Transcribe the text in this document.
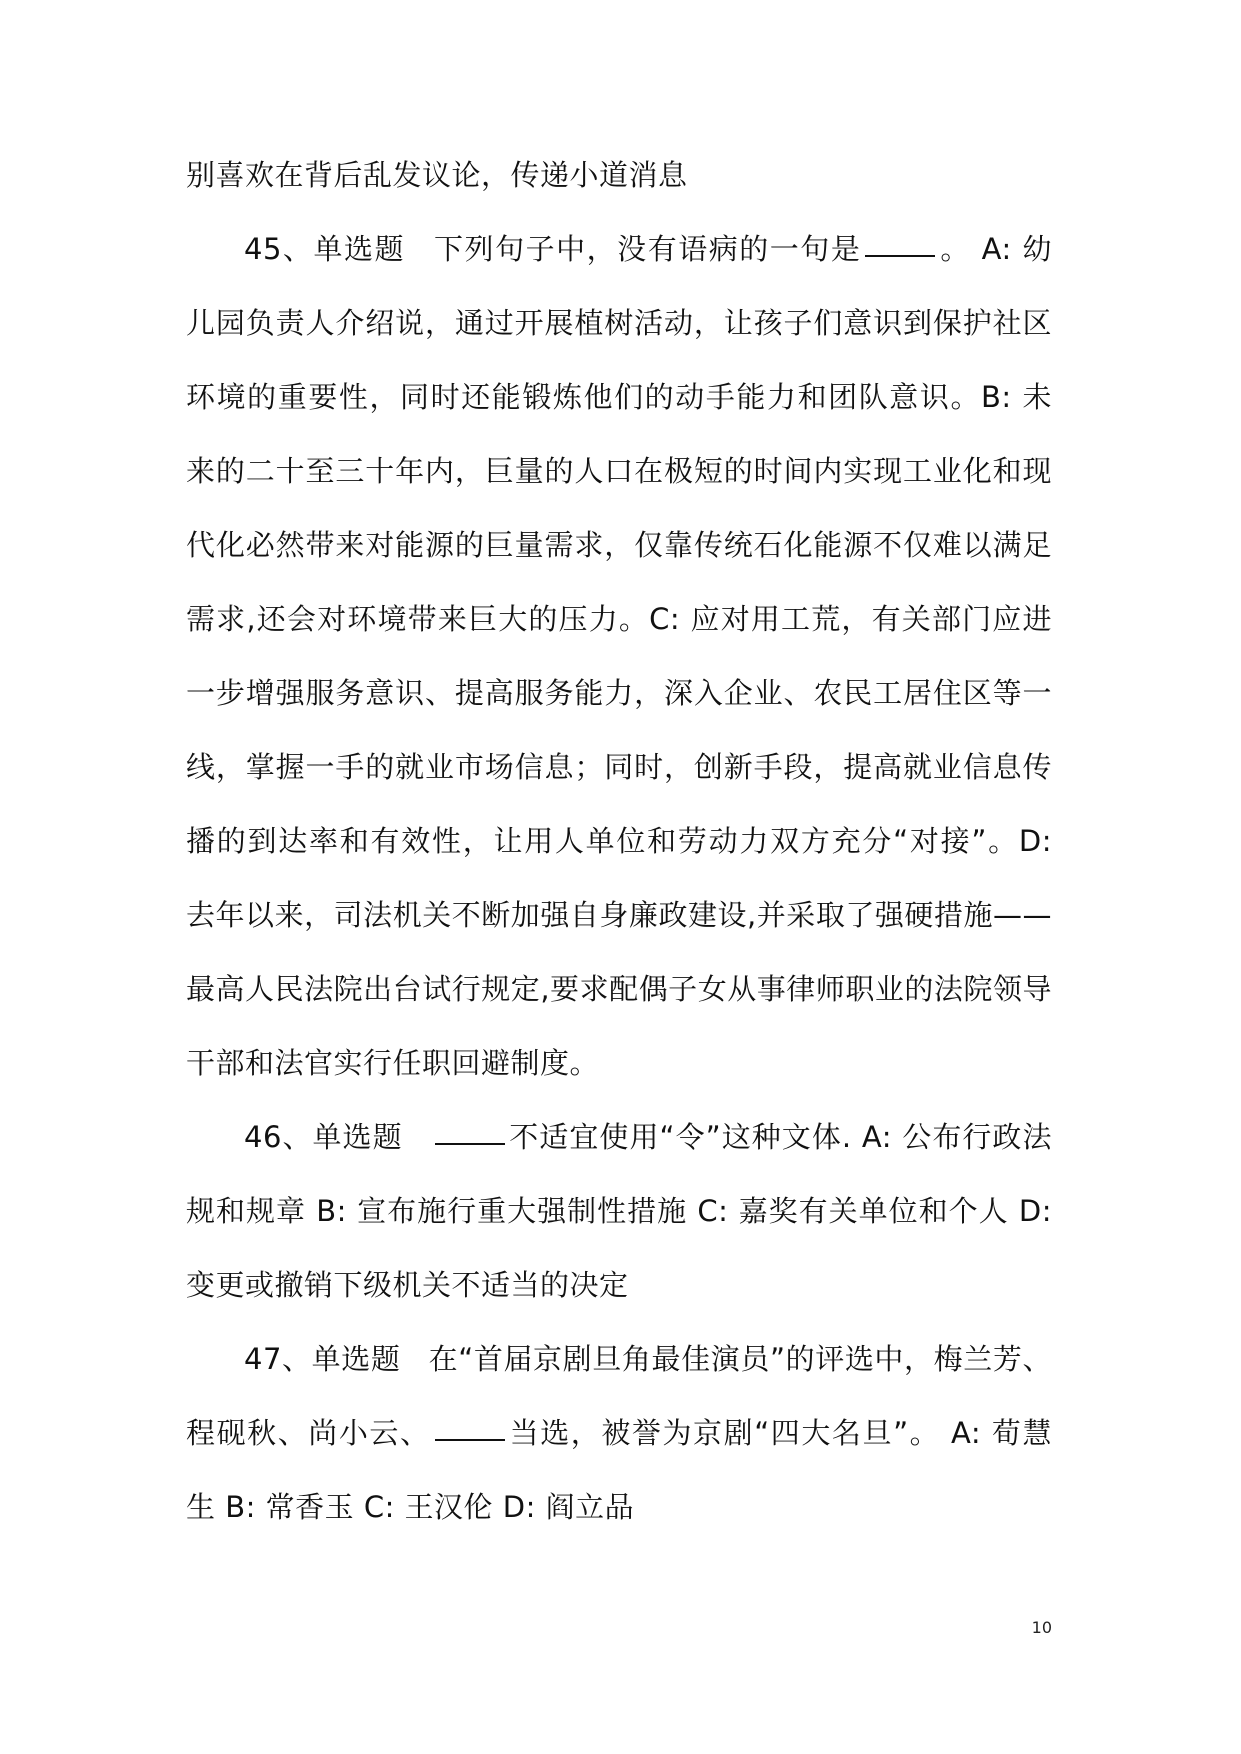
别喜欢在背后乱发议论，传递小道消息

45、单选题 下列句子中，没有语病的一句是	。 A: 幼儿园负责人介绍说，通过开展植树活动，让孩子们意识到保护社区环境的重要性，同时还能锻炼他们的动手能力和团队意识。B: 未来的二十至三十年内，巨量的人口在极短的时间内实现工业化和现代化必然带来对能源的巨量需求，仅靠传统石化能源不仅难以满足需求,还会对环境带来巨大的压力。C: 应对用工荒，有关部门应进一步增强服务意识、提高服务能力，深入企业、农民工居住区等一线，掌握一手的就业市场信息；同时，创新手段，提高就业信息传播的到达率和有效性，让用人单位和劳动力双方充分“对接”。D: 去年以来，司法机关不断加强自身廉政建设,并采取了强硬措施——最高人民法院出台试行规定,要求配偶子女从事律师职业的法院领导干部和法官实行任职回避制度。

46、单选题	不适宜使用“令”这种文体. A: 公布行政法规和规章 B: 宣布施行重大强制性措施 C: 嘉奖有关单位和个人 D: 变更或撤销下级机关不适当的决定

47、单选题 在“首届京剧旦角最佳演员”的评选中，梅兰芳、程砚秋、尚小云、	当选，被誉为京剧“四大名旦”。 A: 荀慧生 B: 常香玉 C: 王汉伦 D: 阎立品

10
